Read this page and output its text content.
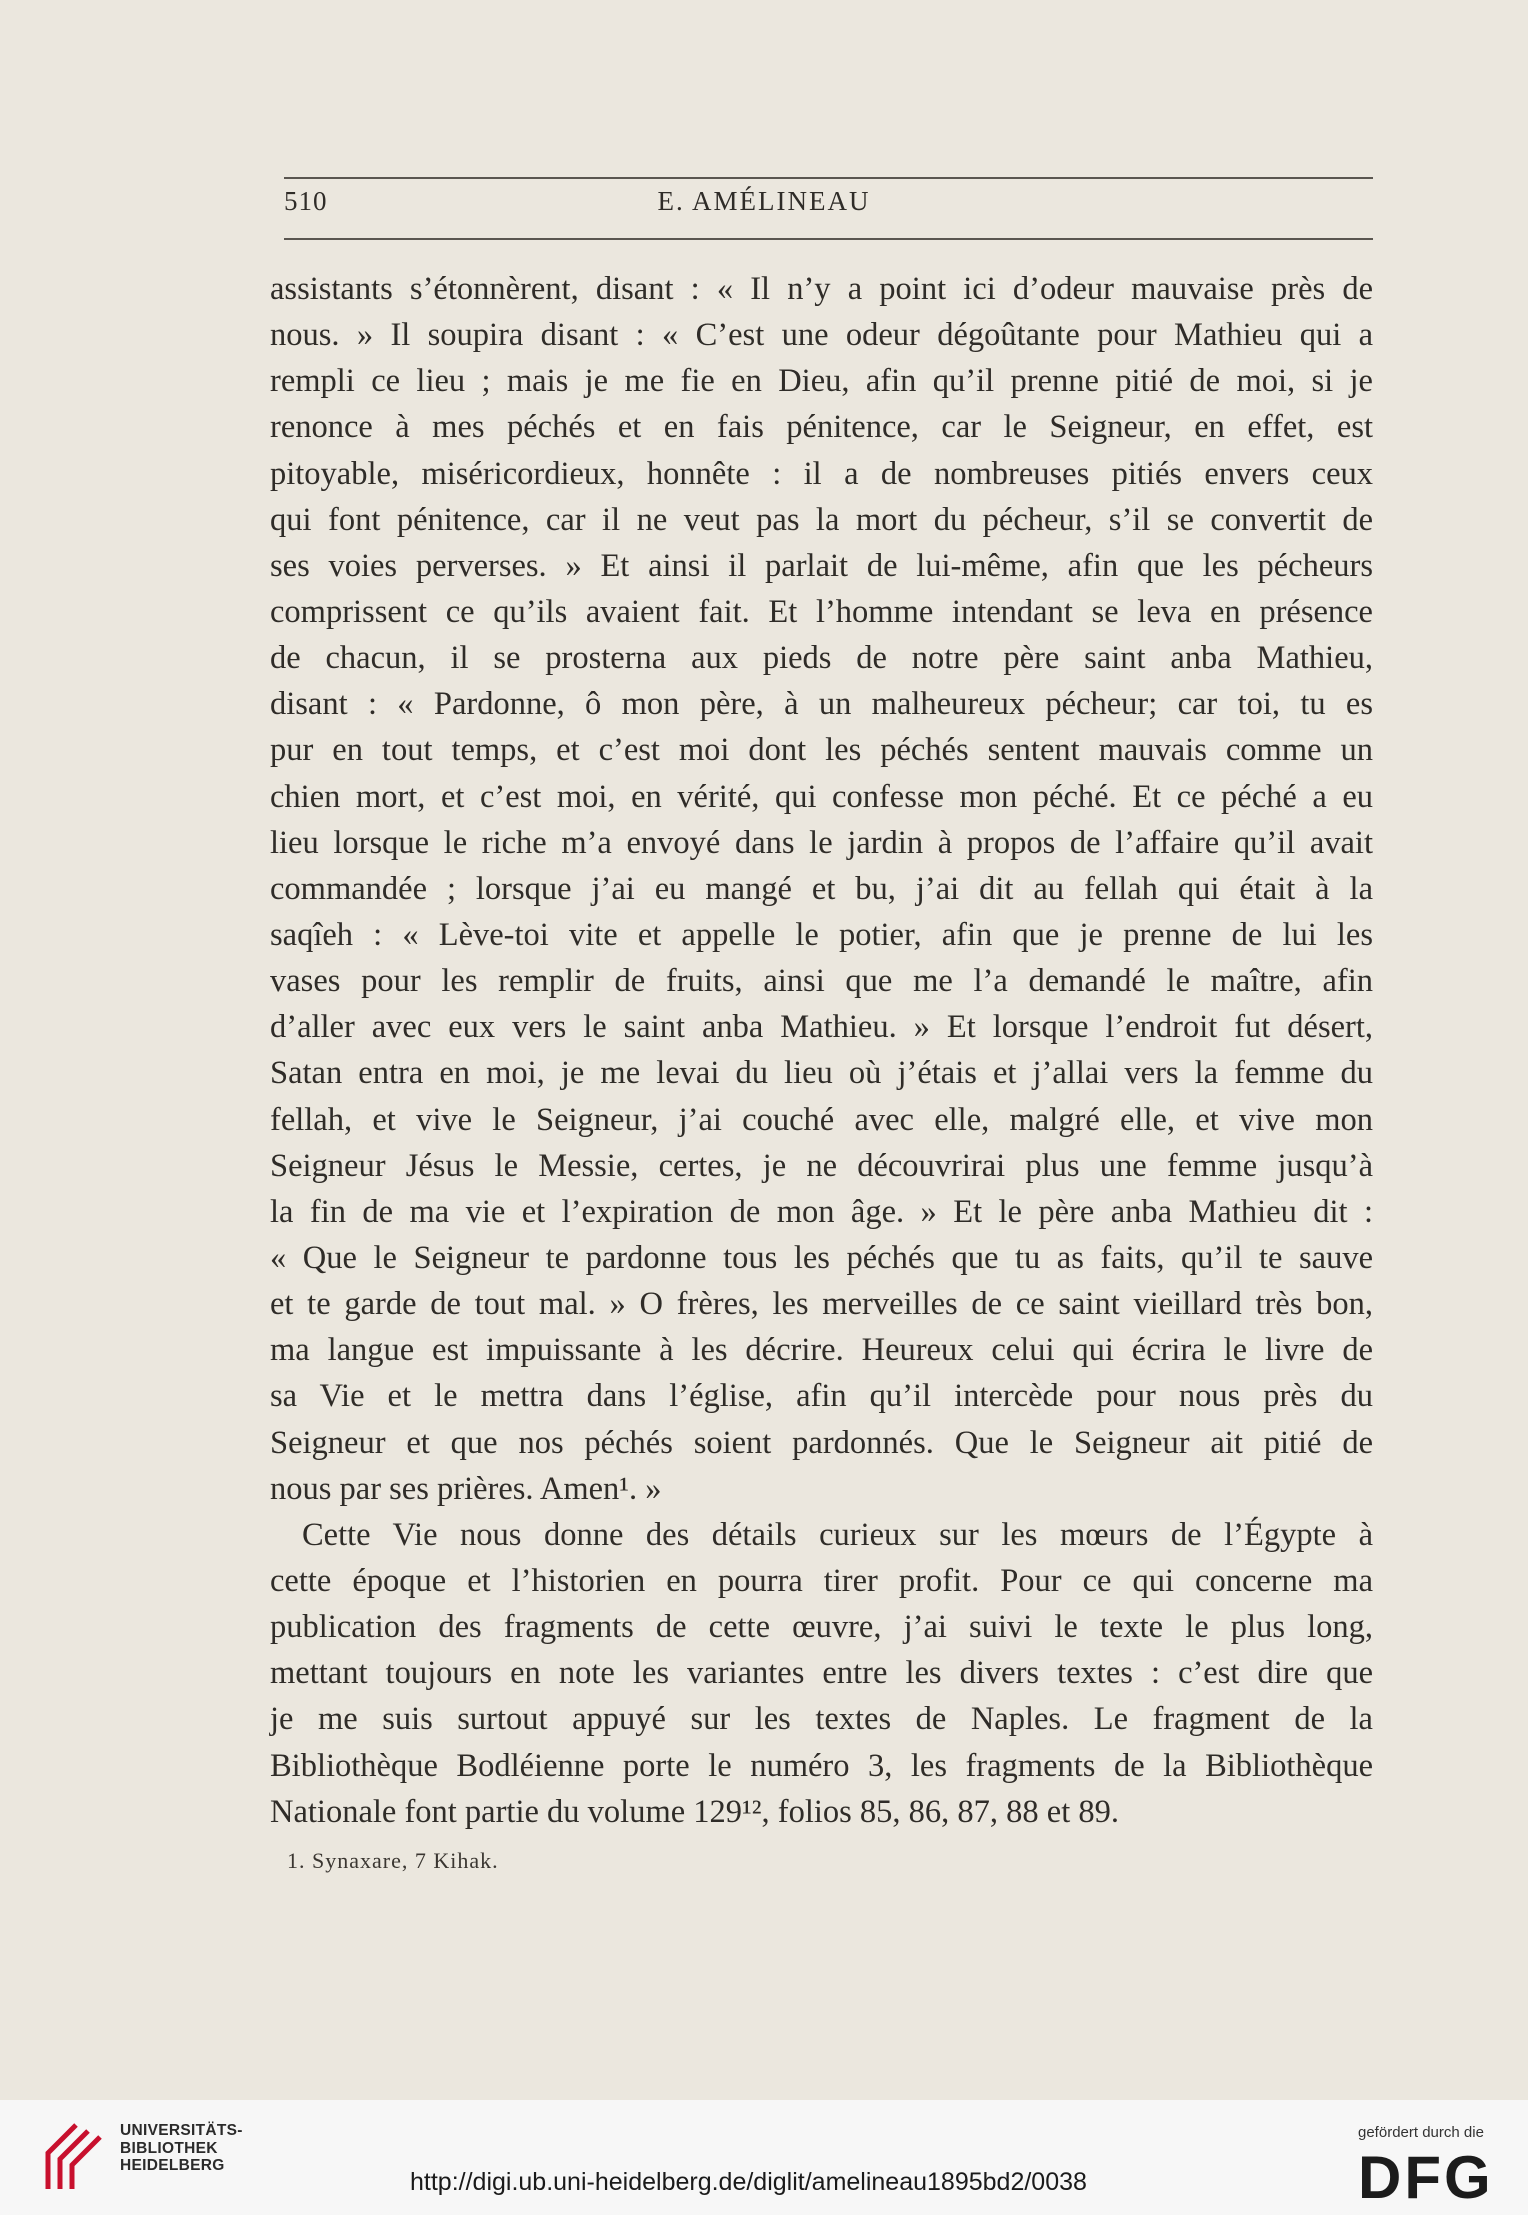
510	E. AMÉLINEAU
assistants s’étonnèrent, disant : « Il n’y a point ici d’odeur mauvaise près de
nous. » Il soupira disant : « C’est une odeur dégoûtante pour Mathieu qui a
rempli ce lieu ; mais je me fie en Dieu, afin qu’il prenne pitié de moi, si je
renonce à mes péchés et en fais pénitence, car le Seigneur, en effet, est
pitoyable, miséricordieux, honnête : il a de nombreuses pitiés envers ceux
qui font pénitence, car il ne veut pas la mort du pécheur, s’il se convertit de
ses voies perverses. » Et ainsi il parlait de lui-même, afin que les pécheurs
comprissent ce qu’ils avaient fait. Et l’homme intendant se leva en présence
de chacun, il se prosterna aux pieds de notre père saint anba Mathieu,
disant : « Pardonne, ô mon père, à un malheureux pécheur; car toi, tu es
pur en tout temps, et c’est moi dont les péchés sentent mauvais comme un
chien mort, et c’est moi, en vérité, qui confesse mon péché. Et ce péché a eu
lieu lorsque le riche m’a envoyé dans le jardin à propos de l’affaire qu’il avait
commandée ; lorsque j’ai eu mangé et bu, j’ai dit au fellah qui était à la
saqîeh : « Lève-toi vite et appelle le potier, afin que je prenne de lui les
vases pour les remplir de fruits, ainsi que me l’a demandé le maître, afin
d’aller avec eux vers le saint anba Mathieu. » Et lorsque l’endroit fut désert,
Satan entra en moi, je me levai du lieu où j’étais et j’allai vers la femme du
fellah, et vive le Seigneur, j’ai couché avec elle, malgré elle, et vive mon
Seigneur Jésus le Messie, certes, je ne découvrirai plus une femme jusqu’à
la fin de ma vie et l’expiration de mon âge. » Et le père anba Mathieu dit :
« Que le Seigneur te pardonne tous les péchés que tu as faits, qu’il te sauve
et te garde de tout mal. » O frères, les merveilles de ce saint vieillard très bon,
ma langue est impuissante à les décrire. Heureux celui qui écrira le livre de
sa Vie et le mettra dans l’église, afin qu’il intercède pour nous près du
Seigneur et que nos péchés soient pardonnés. Que le Seigneur ait pitié de
nous par ses prières. Amen¹. »
Cette Vie nous donne des détails curieux sur les mœurs de l’Égypte à
cette époque et l’historien en pourra tirer profit. Pour ce qui concerne ma
publication des fragments de cette œuvre, j’ai suivi le texte le plus long,
mettant toujours en note les variantes entre les divers textes : c’est dire que
je me suis surtout appuyé sur les textes de Naples. Le fragment de la
Bibliothèque Bodléienne porte le numéro 3, les fragments de la Bibliothèque
Nationale font partie du volume 129¹², folios 85, 86, 87, 88 et 89.
1. Synaxare, 7 Kihak.
UNIVERSITÄTS-
BIBLIOTHEK
HEIDELBERG
http://digi.ub.uni-heidelberg.de/diglit/amelineau1895bd2/0038
gefördert durch die
DFG
